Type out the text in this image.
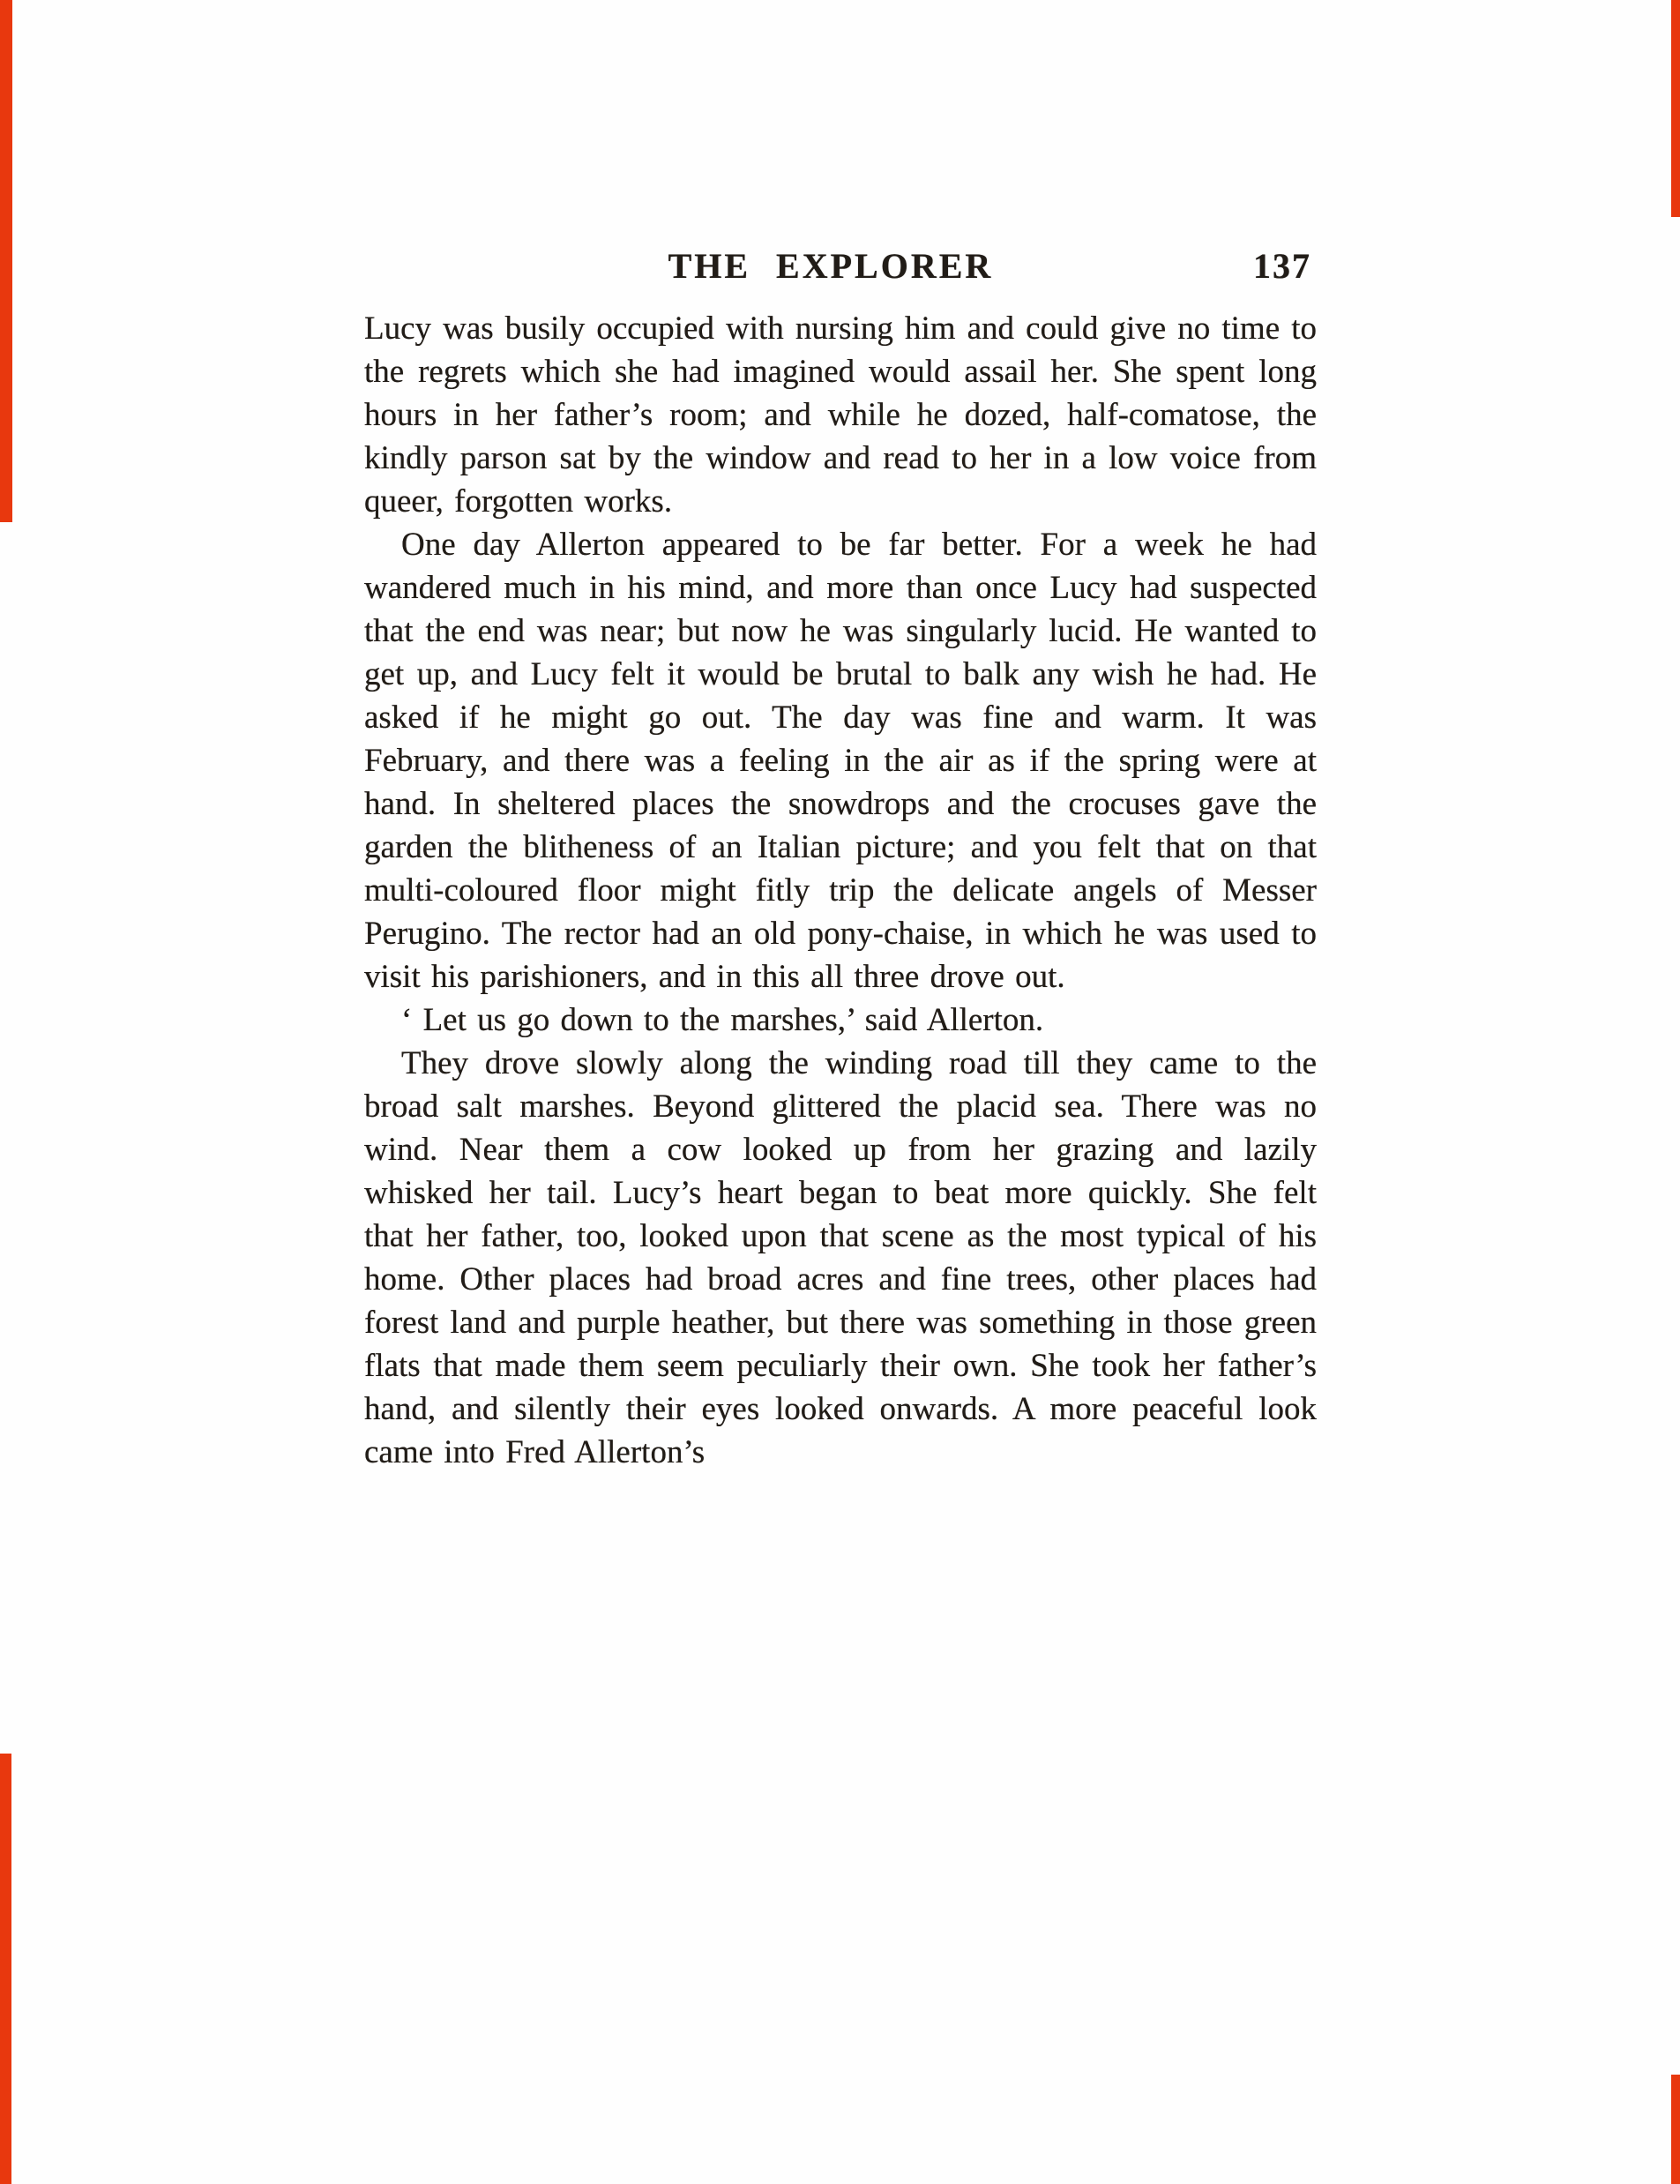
THE EXPLORER	137

Lucy was busily occupied with nursing him and could give no time to the regrets which she had imagined would assail her. She spent long hours in her father’s room; and while he dozed, half-comatose, the kindly parson sat by the window and read to her in a low voice from queer, forgotten works.

One day Allerton appeared to be far better. For a week he had wandered much in his mind, and more than once Lucy had suspected that the end was near; but now he was singularly lucid. He wanted to get up, and Lucy felt it would be brutal to balk any wish he had. He asked if he might go out. The day was fine and warm. It was February, and there was a feeling in the air as if the spring were at hand. In sheltered places the snowdrops and the crocuses gave the garden the blitheness of an Italian picture; and you felt that on that multi-coloured floor might fitly trip the delicate angels of Messer Perugino. The rector had an old pony-chaise, in which he was used to visit his parishioners, and in this all three drove out.

‘ Let us go down to the marshes,’ said Allerton.

They drove slowly along the winding road till they came to the broad salt marshes. Beyond glittered the placid sea. There was no wind. Near them a cow looked up from her grazing and lazily whisked her tail. Lucy’s heart began to beat more quickly. She felt that her father, too, looked upon that scene as the most typical of his home. Other places had broad acres and fine trees, other places had forest land and purple heather, but there was something in those green flats that made them seem peculiarly their own. She took her father’s hand, and silently their eyes looked onwards. A more peaceful look came into Fred Allerton’s
